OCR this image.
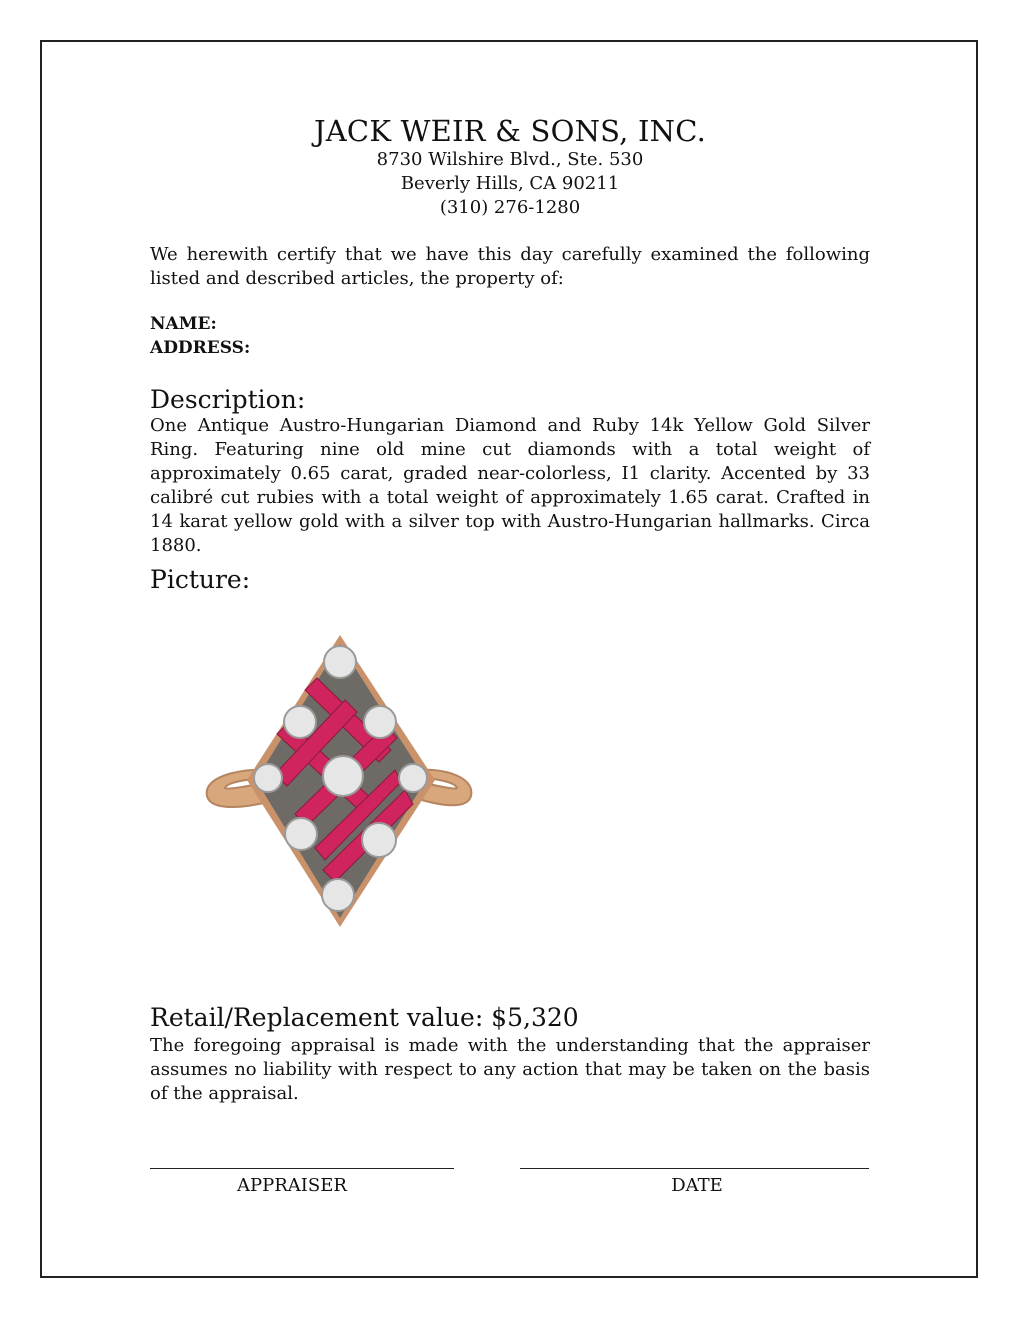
JACK WEIR & SONS, INC.
8730 Wilshire Blvd., Ste. 530
Beverly Hills, CA 90211
(310) 276-1280

We herewith certify that we have this day carefully examined the following listed and described articles, the property of:

NAME:
ADDRESS:
Description:

One Antique Austro-Hungarian Diamond and Ruby 14k Yellow Gold Silver Ring. Featuring nine old mine cut diamonds with a total weight of approximately 0.65 carat, graded near-colorless, I1 clarity. Accented by 33 calibré cut rubies with a total weight of approximately 1.65 carat. Crafted in 14 karat yellow gold with a silver top with Austro-Hungarian hallmarks. Circa 1880.

Picture:
Retail/Replacement value: $5,320

The foregoing appraisal is made with the understanding that the appraiser assumes no liability with respect to any action that may be taken on the basis of the appraisal.

APPRAISER	DATE
